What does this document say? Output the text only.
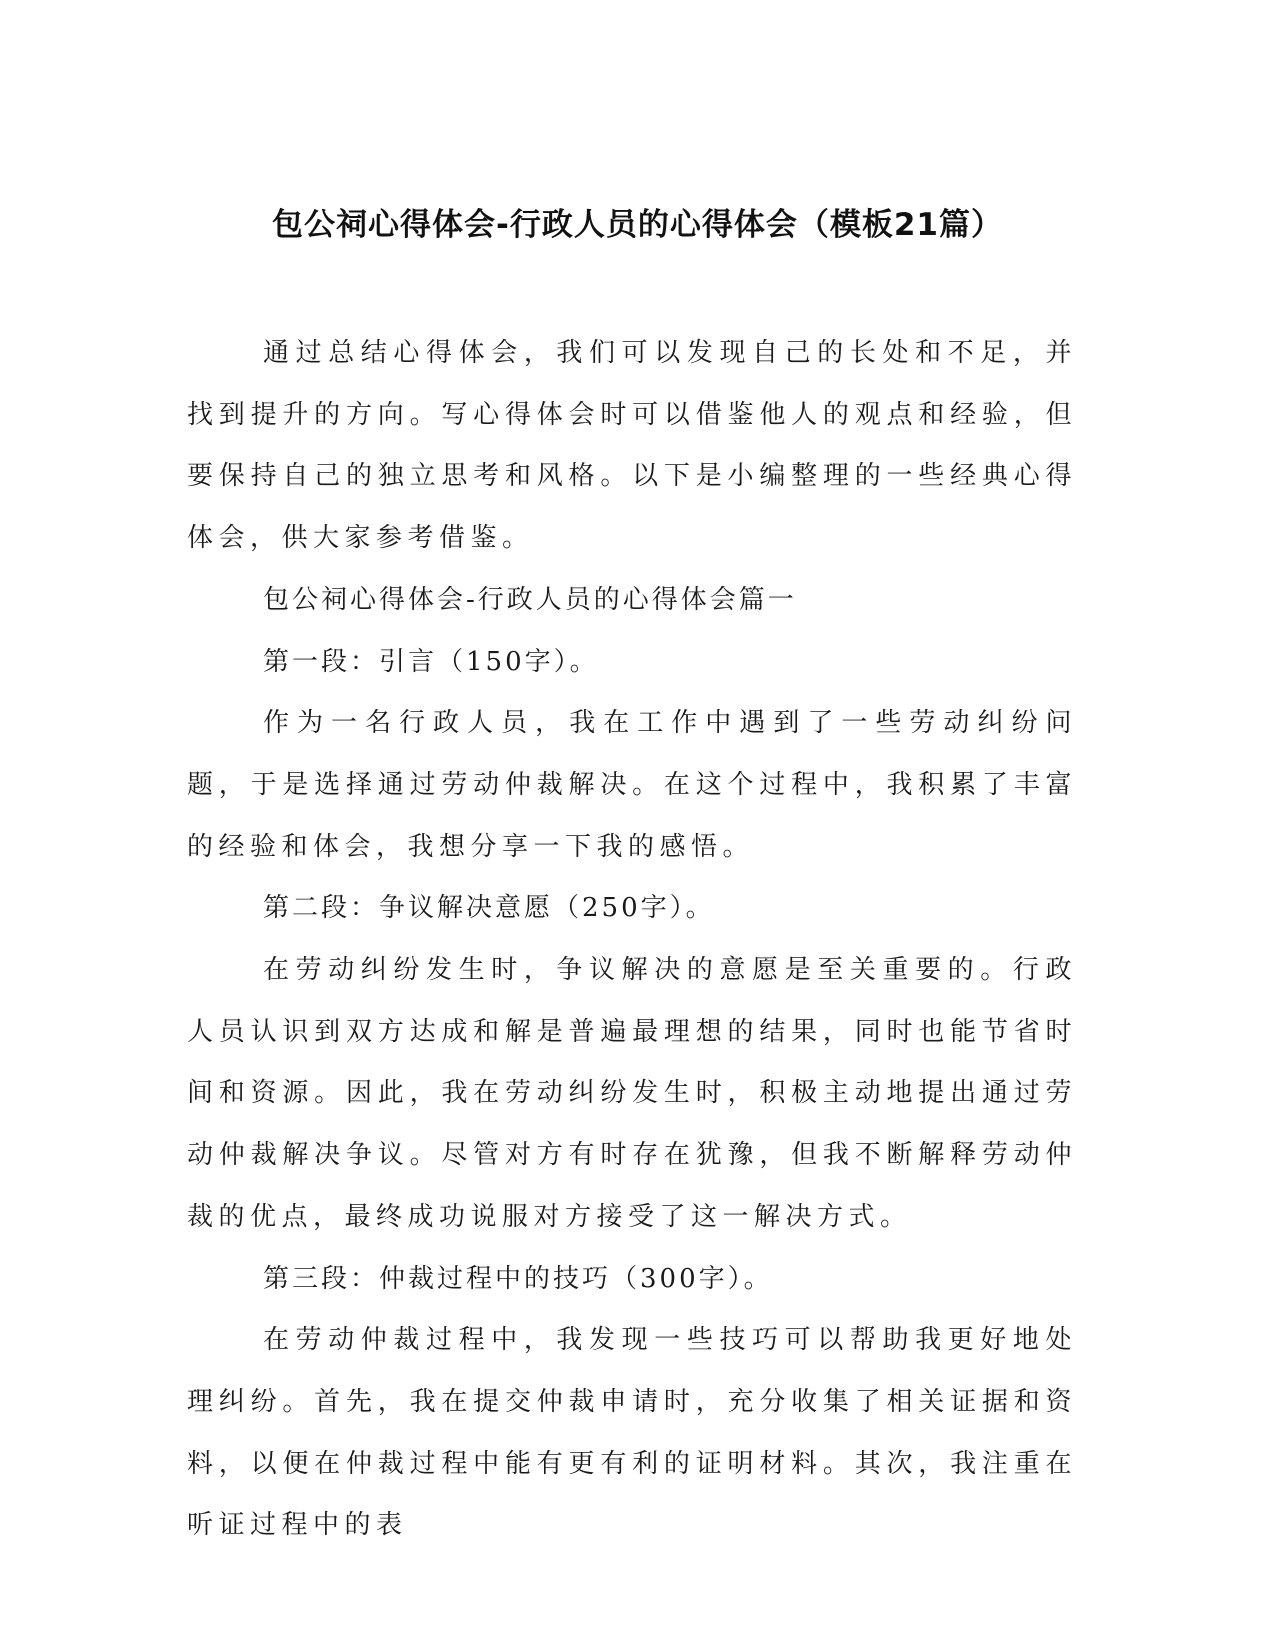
包公祠心得体会-行政人员的心得体会（模板21篇）

通过总结心得体会，我们可以发现自己的长处和不足，并找到提升的方向。写心得体会时可以借鉴他人的观点和经验，但要保持自己的独立思考和风格。以下是小编整理的一些经典心得体会，供大家参考借鉴。

包公祠心得体会-行政人员的心得体会篇一

第一段：引言（150字）。

作为一名行政人员，我在工作中遇到了一些劳动纠纷问题，于是选择通过劳动仲裁解决。在这个过程中，我积累了丰富的经验和体会，我想分享一下我的感悟。

第二段：争议解决意愿（250字）。

在劳动纠纷发生时，争议解决的意愿是至关重要的。行政人员认识到双方达成和解是普遍最理想的结果，同时也能节省时间和资源。因此，我在劳动纠纷发生时，积极主动地提出通过劳动仲裁解决争议。尽管对方有时存在犹豫，但我不断解释劳动仲裁的优点，最终成功说服对方接受了这一解决方式。

第三段：仲裁过程中的技巧（300字）。

在劳动仲裁过程中，我发现一些技巧可以帮助我更好地处理纠纷。首先，我在提交仲裁申请时，充分收集了相关证据和资料，以便在仲裁过程中能有更有利的证明材料。其次，我注重在听证过程中的表
